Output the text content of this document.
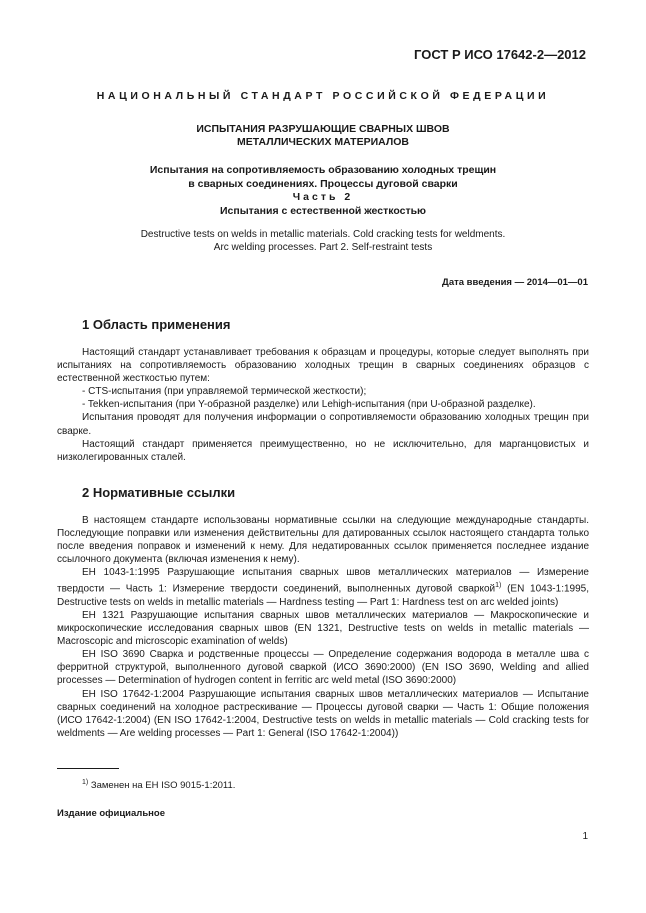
ГОСТ Р ИСО 17642-2—2012
НАЦИОНАЛЬНЫЙ СТАНДАРТ РОССИЙСКОЙ ФЕДЕРАЦИИ
ИСПЫТАНИЯ РАЗРУШАЮЩИЕ СВАРНЫХ ШВОВ
МЕТАЛЛИЧЕСКИХ МАТЕРИАЛОВ
Испытания на сопротивляемость образованию холодных трещин
в сварных соединениях. Процессы дуговой сварки
Часть 2
Испытания с естественной жесткостью
Destructive tests on welds in metallic materials. Cold cracking tests for weldments.
Arc welding processes. Part 2. Self-restraint tests
Дата введения — 2014—01—01
1 Область применения

Настоящий стандарт устанавливает требования к образцам и процедуры, которые следует выполнять при испытаниях на сопротивляемость образованию холодных трещин в сварных соединениях образцов с естественной жесткостью путем:

- CTS-испытания (при управляемой термической жесткости);

- Tekken-испытания (при Y-образной разделке) или Lehigh-испытания (при U-образной разделке).

Испытания проводят для получения информации о сопротивляемости образованию холодных трещин при сварке.

Настоящий стандарт применяется преимущественно, но не исключительно, для марганцовистых и низколегированных сталей.

2 Нормативные ссылки

В настоящем стандарте использованы нормативные ссылки на следующие международные стандарты. Последующие поправки или изменения действительны для датированных ссылок настоящего стандарта только после введения поправок и изменений к нему. Для недатированных ссылок применяется последнее издание ссылочного документа (включая изменения к нему).

ЕН 1043-1:1995 Разрушающие испытания сварных швов металлических материалов — Измерение твердости — Часть 1: Измерение твердости соединений, выполненных дуговой сваркой$^{1)}$ (EN 1043-1:1995, Destructive tests on welds in metallic materials — Hardness testing — Part 1: Hardness test on arc welded joints)

ЕН 1321 Разрушающие испытания сварных швов металлических материалов — Макроскопические и микроскопические исследования сварных швов (EN 1321, Destructive tests on welds in metallic materials — Macroscopic and microscopic examination of welds)

ЕН ISO 3690 Сварка и родственные процессы — Определение содержания водорода в металле шва с ферритной структурой, выполненного дуговой сваркой (ИСО 3690:2000) (EN ISO 3690, Welding and allied processes — Determination of hydrogen content in ferritic arc weld metal (ISO 3690:2000)

ЕН ISO 17642-1:2004 Разрушающие испытания сварных швов металлических материалов — Испытание сварных соединений на холодное растрескивание — Процессы дуговой сварки — Часть 1: Общие положения (ИСО 17642-1:2004) (EN ISO 17642-1:2004, Destructive tests on welds in metallic materials — Cold cracking tests for weldments — Are welding processes — Part 1: General (ISO 17642-1:2004))

$^{1)}$ Заменен на ЕН ISO 9015-1:2011.
Издание официальное
1
